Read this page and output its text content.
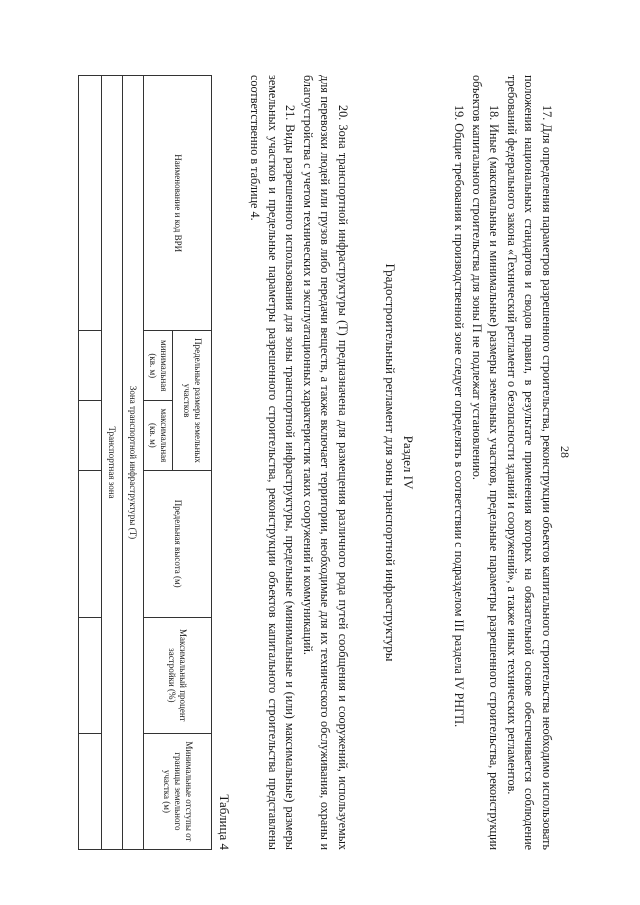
28

17. Для определения параметров разрешенного строительства, реконструкции объектов капитального строительства необходимо использовать положения национальных стандартов и сводов правил, в результате применения которых на обязательной основе обеспечивается соблюдение требований федерального закона «Технический регламент о безопасности зданий и сооружений», а также иных технических регламентов.

18. Иные (максимальные и минимальные) размеры земельных участков, предельные параметры разрешенного строительства, реконструкции объектов капитального строительства для зоны П не подлежат установлению.

19. Общие требования к производственной зоне следует определять в соответствии с подразделом III раздела IV РНГП.

Раздел IV
Градостроительный регламент для зоны транспортной инфраструктуры

20. Зона транспортной инфраструктуры (Т) предназначена для размещения различного рода путей сообщения и сооружений, используемых для перевозки людей или грузов либо передачи веществ, а также включает территории, необходимые для их технического обслуживания, охраны и благоустройства с учетом технических и эксплуатационных характеристик таких сооружений и коммуникаций.

21. Виды разрешенного использования для зоны транспортной инфраструктуры, предельные (минимальные и (или) максимальные) размеры земельных участков и предельные параметры разрешенного строительства, реконструкции объектов капитального строительства представлены соответственно в таблице 4.

Таблица 4
Наименование и код ВРИ	Предельные размеры земельных участков		Предельная высота (м)	Максимальный процент застройки (%)	Минимальные отступы от границы земельного участка (м)
	минимальная (кв. м)	максимальная (кв. м)			
Зона транспортной инфраструктуры (Т)					
Транспортная зона					
